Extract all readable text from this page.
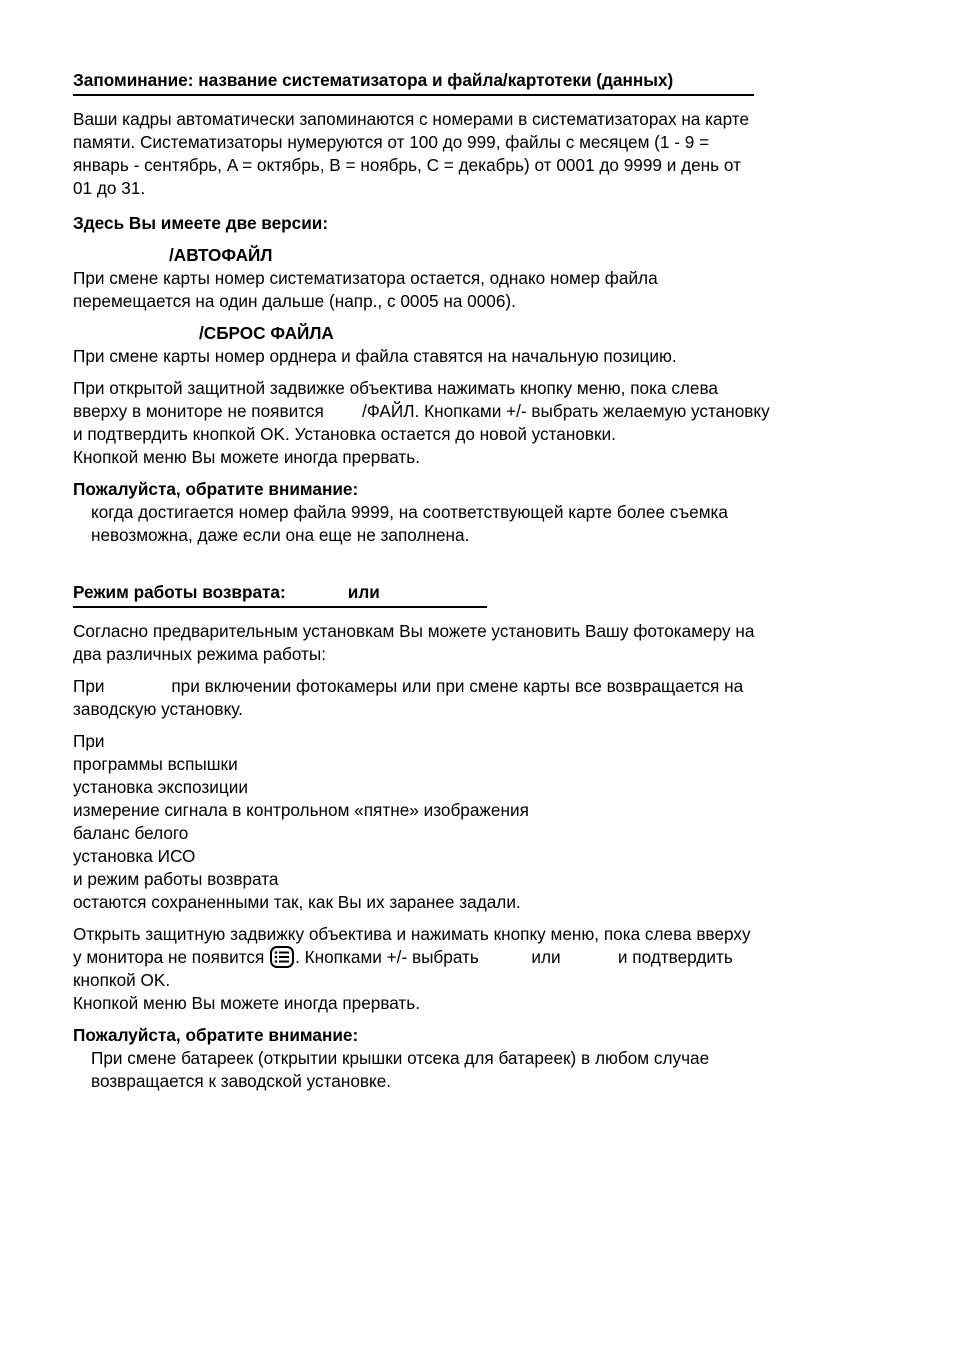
Запоминание: название систематизатора и файла/картотеки (данных)

Ваши кадры автоматически запоминаются с номерами в систематизаторах на карте

памяти. Систематизаторы нумеруются от 100 до 999, файлы с месяцем (1 - 9 =

январь - сентябрь, A = октябрь, B = ноябрь, C = декабрь) от 0001 до 9999 и день от

01 до 31.

Здесь Вы имеете две версии:

/АВТОФАЙЛ

При смене карты номер систематизатора остается, однако номер файла

перемещается на один дальше (напр., с 0005 на 0006).

/СБРОС ФАЙЛА

При смене карты номер орднера и файла ставятся на начальную позицию.

При открытой защитной задвижке объектива нажимать кнопку меню, пока слева

вверху в мониторе не появится        /ФАЙЛ. Кнопками +/- выбрать желаемую установку

и подтвердить кнопкой OK. Установка остается до новой установки.

Кнопкой меню Вы можете иногда прервать.

Пожалуйста, обратите внимание:

когда достигается номер файла 9999, на соответствующей карте более съемка

невозможна, даже если она еще не заполнена.

Режим работы возврата:             или

Согласно предварительным установкам Вы можете установить Вашу фотокамеру на

два различных режима работы:

При              при включении фотокамеры или при смене карты все возвращается на

заводскую установку.

При

программы вспышки

установка экспозиции

измерение сигнала в контрольном «пятне» изображения

баланс белого

установка ИСО

и режим работы возврата

остаются сохраненными так, как Вы их заранее задали.

Открыть защитную задвижку объектива и нажимать кнопку меню, пока слева вверху

у монитора не появится
. Кнопками +/- выбрать           или            и подтвердить

кнопкой OK.

Кнопкой меню Вы можете иногда прервать.

Пожалуйста, обратите внимание:

При смене батареек (открытии крышки отсека для батареек) в любом случае

возвращается к заводской установке.
